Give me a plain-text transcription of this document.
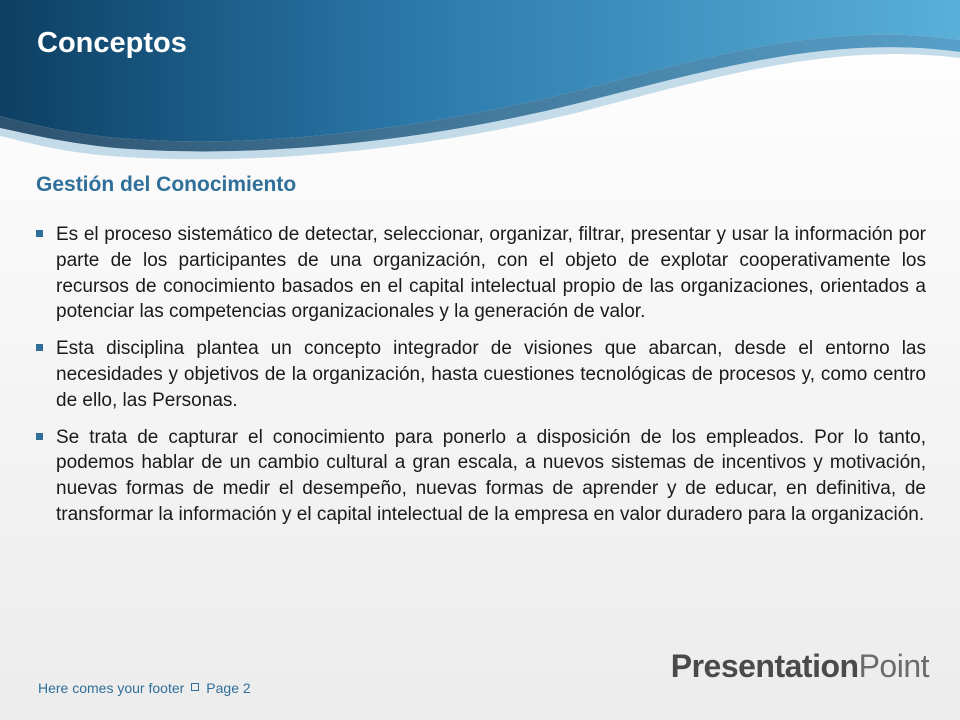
Conceptos
Gestión del Conocimiento
Es el proceso sistemático de detectar, seleccionar, organizar, filtrar, presentar y usar la información por parte de los participantes de una organización, con el objeto de explotar cooperativamente los recursos de conocimiento basados en el capital intelectual propio de las organizaciones, orientados a potenciar las competencias organizacionales y la generación de valor.
Esta disciplina plantea un concepto integrador de visiones que abarcan, desde el entorno las necesidades y objetivos de la organización, hasta cuestiones tecnológicas de procesos y, como centro de ello, las Personas.
Se trata de capturar el conocimiento para ponerlo a disposición de los empleados. Por lo tanto, podemos hablar de un cambio cultural a gran escala, a nuevos sistemas de incentivos y motivación, nuevas formas de medir el desempeño, nuevas formas de aprender y de educar, en definitiva, de transformar la información y el capital intelectual de la empresa en valor duradero para la organización.
Here comes your footer Page 2
PresentationPoint
